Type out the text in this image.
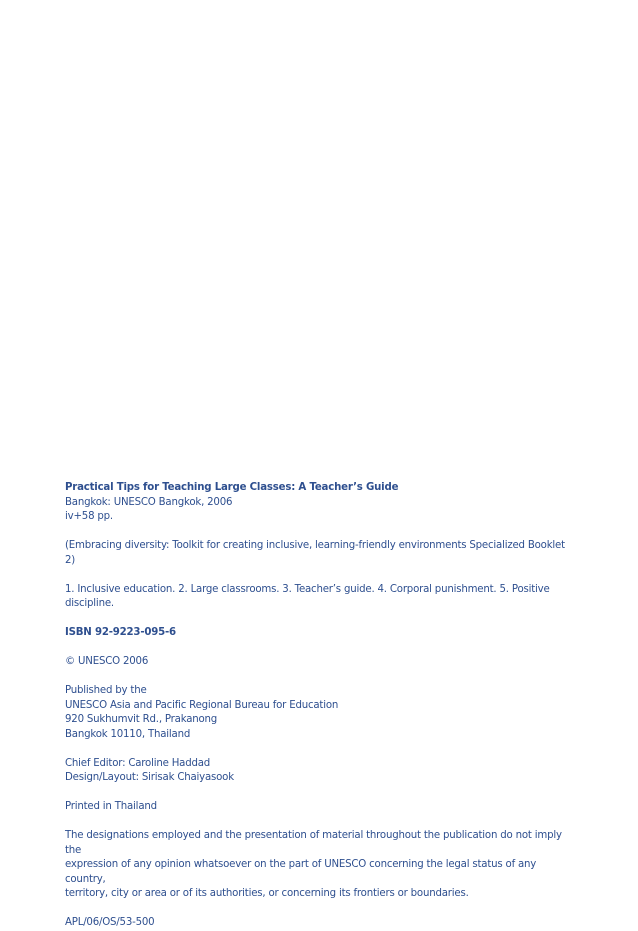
Practical Tips for Teaching Large Classes: A Teacher’s Guide

Bangkok: UNESCO Bangkok, 2006

iv+58 pp.

(Embracing diversity: Toolkit for creating inclusive, learning-friendly environments Specialized Booklet 2)

1. Inclusive education. 2. Large classrooms. 3. Teacher’s guide. 4. Corporal punishment. 5. Positive discipline.

ISBN 92-9223-095-6

© UNESCO 2006

Published by the

UNESCO Asia and Pacific Regional Bureau for Education

920 Sukhumvit Rd., Prakanong

Bangkok 10110, Thailand

Chief Editor: Caroline Haddad

Design/Layout: Sirisak Chaiyasook

Printed in Thailand

The designations employed and the presentation of material throughout the publication do not imply the

expression of any opinion whatsoever on the part of UNESCO concerning the legal status of any country,

territory, city or area or of its authorities, or concerning its frontiers or boundaries.

APL/06/OS/53-500
